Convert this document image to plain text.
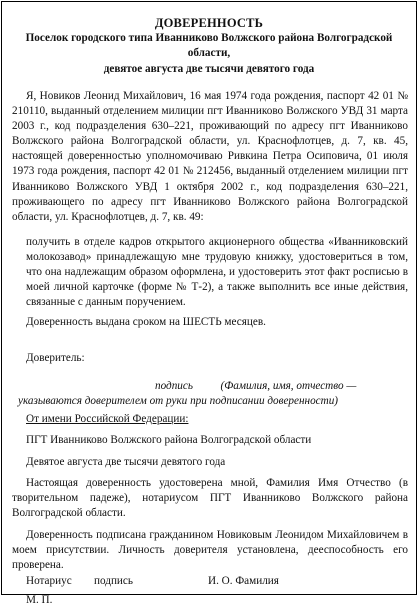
ДОВЕРЕННОСТЬ
Поселок городского типа Иванниково Волжского района Волгоградской
области,
девятое августа две тысячи девятого года

Я, Новиков Леонид Михайлович, 16 мая 1974 года рождения, паспорт 42 01 № 210110, выданный отделением милиции пгт Иванниково Волжского УВД 31 марта 2003 г., код подразделения 630–221, проживающий по адресу пгт Иванниково Волжского района Волгоградской области, ул. Краснофлотцев, д. 7, кв. 45, настоящей доверенностью уполномочиваю Ривкина Петра Осиповича, 01 июля 1973 года рождения, паспорт 42 01 № 212456, выданный отделением милиции пгт Иванниково Волжского УВД 1 октября 2002 г., код подразделения 630–221, проживающего по адресу пгт Иванниково Волжского района Волгоградской области, ул. Краснофлотцев, д. 7, кв. 49:

получить в отделе кадров открытого акционерного общества «Иванниковский молокозавод» принадлежащую мне трудовую книжку, удостовериться в том, что она надлежащим образом оформлена, и удостоверить этот факт росписью в моей личной карточке (форме № Т-2), а также выполнить все иные действия, связанные с данным поручением.

Доверенность выдана сроком на ШЕСТЬ месяцев.

Доверитель:

подпись (Фамилия, имя, отчество —
указываются доверителем от руки при подписании доверенности)

От имени Российской Федерации:

ПГТ Иванниково Волжского района Волгоградской области

Девятое августа две тысячи девятого года

Настоящая доверенность удостоверена мной, Фамилия Имя Отчество (в творительном падеже), нотариусом ПГТ Иванниково Волжского района Волгоградской области.

Доверенность подписана гражданином Новиковым Леонидом Михайловичем в моем присутствии. Личность доверителя установлена, дееспособность его проверена.

Нотариус подпись	И. О. Фамилия
М. П.
